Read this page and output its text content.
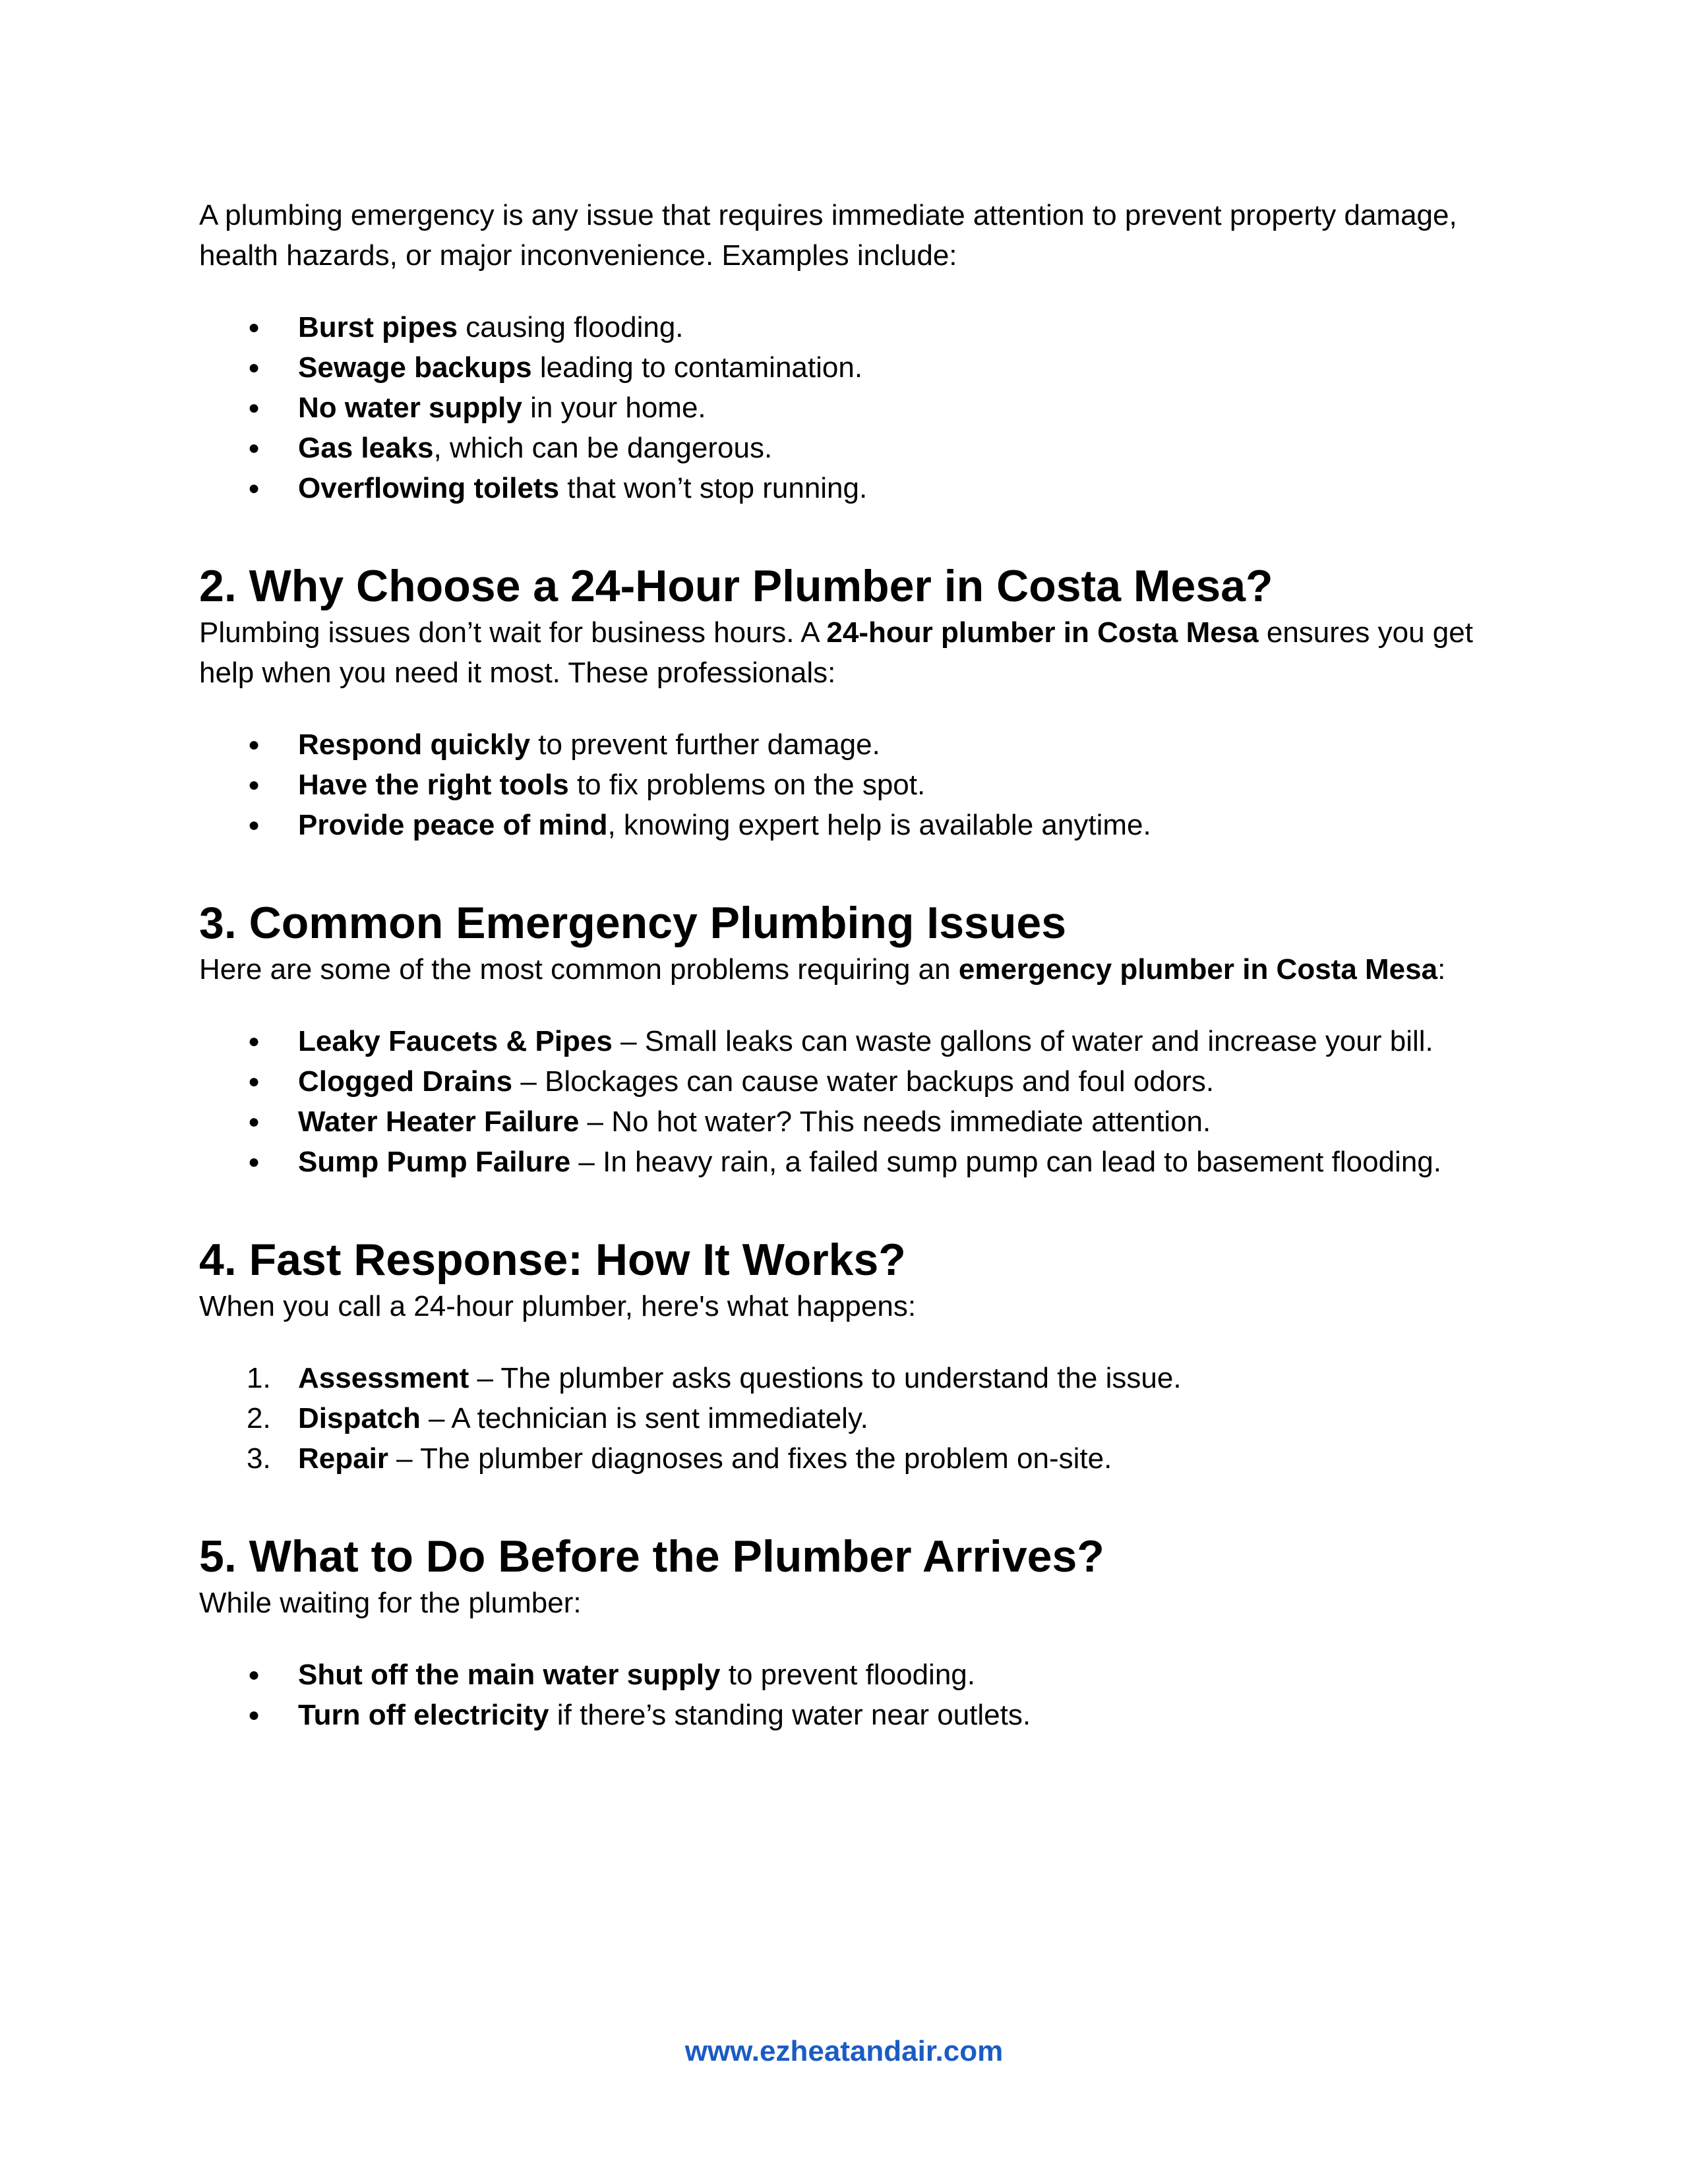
A plumbing emergency is any issue that requires immediate attention to prevent property damage, health hazards, or major inconvenience. Examples include:

● Burst pipes causing flooding.
● Sewage backups leading to contamination.
● No water supply in your home.
● Gas leaks, which can be dangerous.
● Overflowing toilets that won’t stop running.
2. Why Choose a 24-Hour Plumber in Costa Mesa?

Plumbing issues don’t wait for business hours. A 24-hour plumber in Costa Mesa ensures you get help when you need it most. These professionals:

● Respond quickly to prevent further damage.
● Have the right tools to fix problems on the spot.
● Provide peace of mind, knowing expert help is available anytime.
3. Common Emergency Plumbing Issues

Here are some of the most common problems requiring an emergency plumber in Costa Mesa:

● Leaky Faucets & Pipes – Small leaks can waste gallons of water and increase your bill.
● Clogged Drains – Blockages can cause water backups and foul odors.
● Water Heater Failure – No hot water? This needs immediate attention.
● Sump Pump Failure – In heavy rain, a failed sump pump can lead to basement flooding.
4. Fast Response: How It Works?

When you call a 24-hour plumber, here's what happens:

1. Assessment – The plumber asks questions to understand the issue.
2. Dispatch – A technician is sent immediately.
3. Repair – The plumber diagnoses and fixes the problem on-site.
5. What to Do Before the Plumber Arrives?

While waiting for the plumber:

● Shut off the main water supply to prevent flooding.
● Turn off electricity if there’s standing water near outlets.
www.ezheatandair.com
